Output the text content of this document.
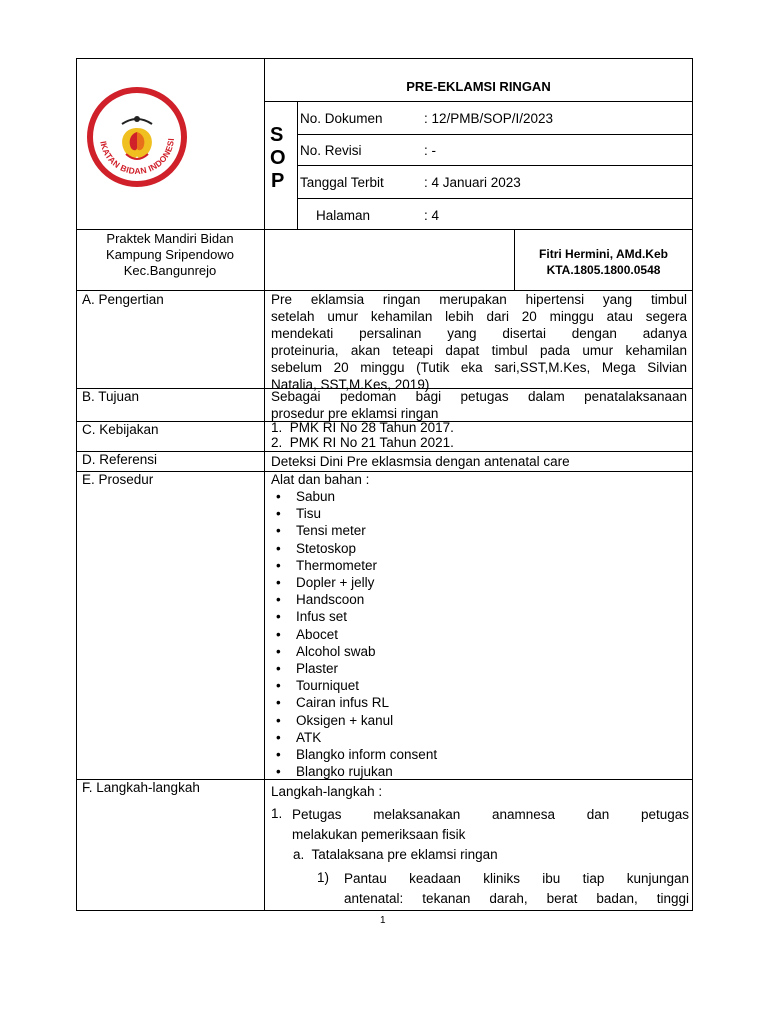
IKATAN BIDAN INDONESI
PRE-EKLAMSI RINGAN
S
O
P
No. Dokumen	: 12/PMB/SOP/I/2023
No. Revisi	: -
Tanggal Terbit	: 4 Januari 2023
Halaman	: 4
Praktek Mandiri Bidan
Kampung Sripendowo
Kec.Bangunrejo
Fitri Hermini, AMd.Keb
KTA.1805.1800.0548
A. Pengertian	Pre eklamsia ringan merupakan hipertensi yang timbul
setelah umur kehamilan lebih dari 20 minggu atau segera
mendekati persalinan yang disertai dengan adanya
proteinuria, akan teteapi dapat timbul pada umur kehamilan
sebelum 20 minggu (Tutik eka sari,SST,M.Kes, Mega Silvian
Natalia, SST,M.Kes, 2019)
B. Tujuan	Sebagai pedoman bagi petugas dalam penatalaksanaan
prosedur pre eklamsi ringan
C. Kebijakan	1.  PMK RI No 28 Tahun 2017.
2.  PMK RI No 21 Tahun 2021.
D. Referensi	Deteksi Dini Pre eklasmsia dengan antenatal care
E. Prosedur	Alat dan bahan :
• Sabun
• Tisu
• Tensi meter
• Stetoskop
• Thermometer
• Dopler + jelly
• Handscoon
• Infus set
• Abocet
• Alcohol swab
• Plaster
• Tourniquet
• Cairan infus RL
• Oksigen + kanul
• ATK
• Blangko inform consent
• Blangko rujukan
F. Langkah-langkah	Langkah-langkah :
1. Petugas melaksanakan anamnesa dan petugas
melakukan pemeriksaan fisik
a.  Tatalaksana pre eklamsi ringan
1) Pantau keadaan kliniks ibu tiap kunjungan
antenatal: tekanan darah, berat badan, tinggi
1
